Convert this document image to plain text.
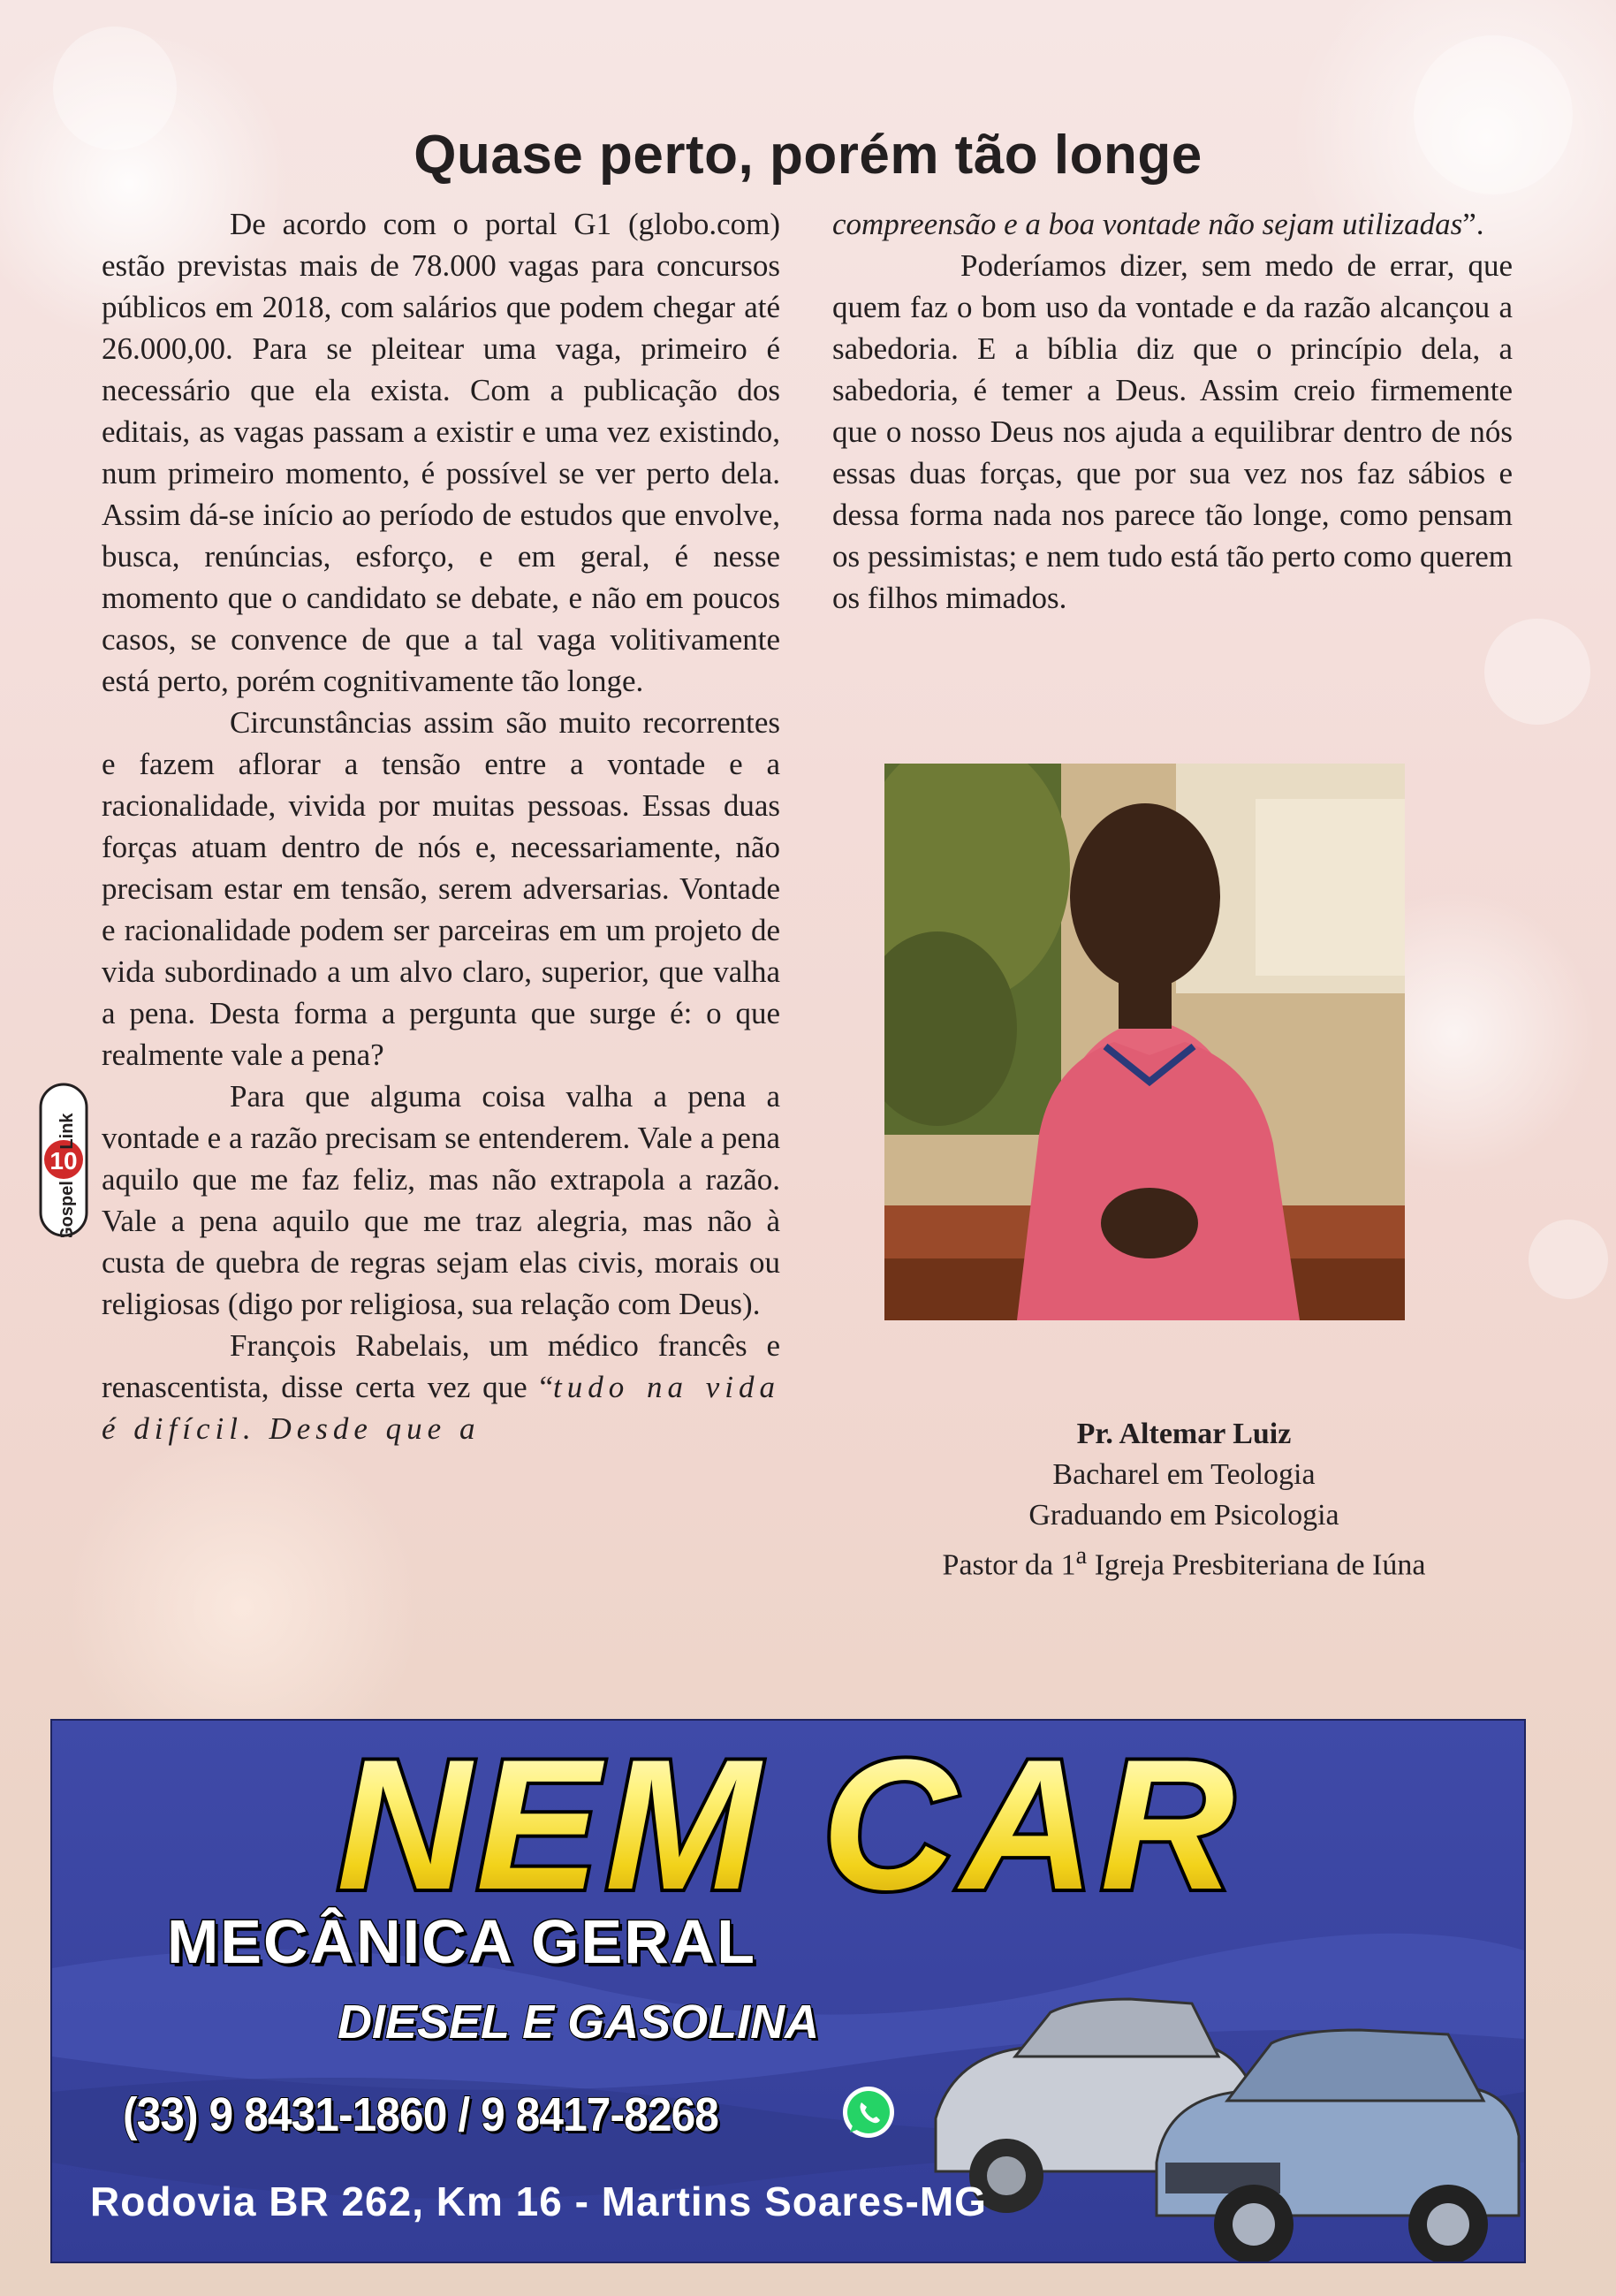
Quase perto, porém tão longe

De acordo com o portal G1 (globo.com) estão previstas mais de 78.000 vagas para concursos públicos em 2018, com salários que podem chegar até 26.000,00. Para se pleitear uma vaga, primeiro é necessário que ela exista. Com a publicação dos editais, as vagas passam a existir e uma vez existindo, num primeiro momento, é possível se ver perto dela. Assim dá-se início ao período de estudos que envolve, busca, renúncias, esforço, e em geral, é nesse momento que o candidato se debate, e não em poucos casos, se convence de que a tal vaga volitivamente está perto, porém cognitivamente tão longe.

Circunstâncias assim são muito recorrentes e fazem aflorar a tensão entre a vontade e a racionalidade, vivida por muitas pessoas. Essas duas forças atuam dentro de nós e, necessariamente, não precisam estar em tensão, serem adversarias. Vontade e racionalidade podem ser parceiras em um projeto de vida subordinado a um alvo claro, superior, que valha a pena. Desta forma a pergunta que surge é: o que realmente vale a pena?

Para que alguma coisa valha a pena a vontade e a razão precisam se entenderem. Vale a pena aquilo que me faz feliz, mas não extrapola a razão. Vale a pena aquilo que me traz alegria, mas não à custa de quebra de regras sejam elas civis, morais ou religiosas (digo por religiosa, sua relação com Deus).

François Rabelais, um médico francês e renascentista, disse certa vez que “tudo na vida é difícil. Desde que a

compreensão e a boa vontade não sejam utilizadas”.

Poderíamos dizer, sem medo de errar, que quem faz o bom uso da vontade e da razão alcançou a sabedoria. E a bíblia diz que o princípio dela, a sabedoria, é temer a Deus. Assim creio firmemente que o nosso Deus nos ajuda a equilibrar dentro de nós essas duas forças, que por sua vez nos faz sábios e dessa forma nada nos parece tão longe, como pensam os pessimistas; e nem tudo está tão perto como querem os filhos mimados.

Pr. Altemar Luiz
Bacharel em Teologia
Graduando em Psicologia
Pastor da 1$^a$ Igreja Presbiteriana de Iúna
10
Link
Gospel
NEM CAR
MECÂNICA GERAL
DIESEL E GASOLINA
(33) 9 8431-1860 / 9 8417-8268
Rodovia BR 262, Km 16 - Martins Soares-MG
